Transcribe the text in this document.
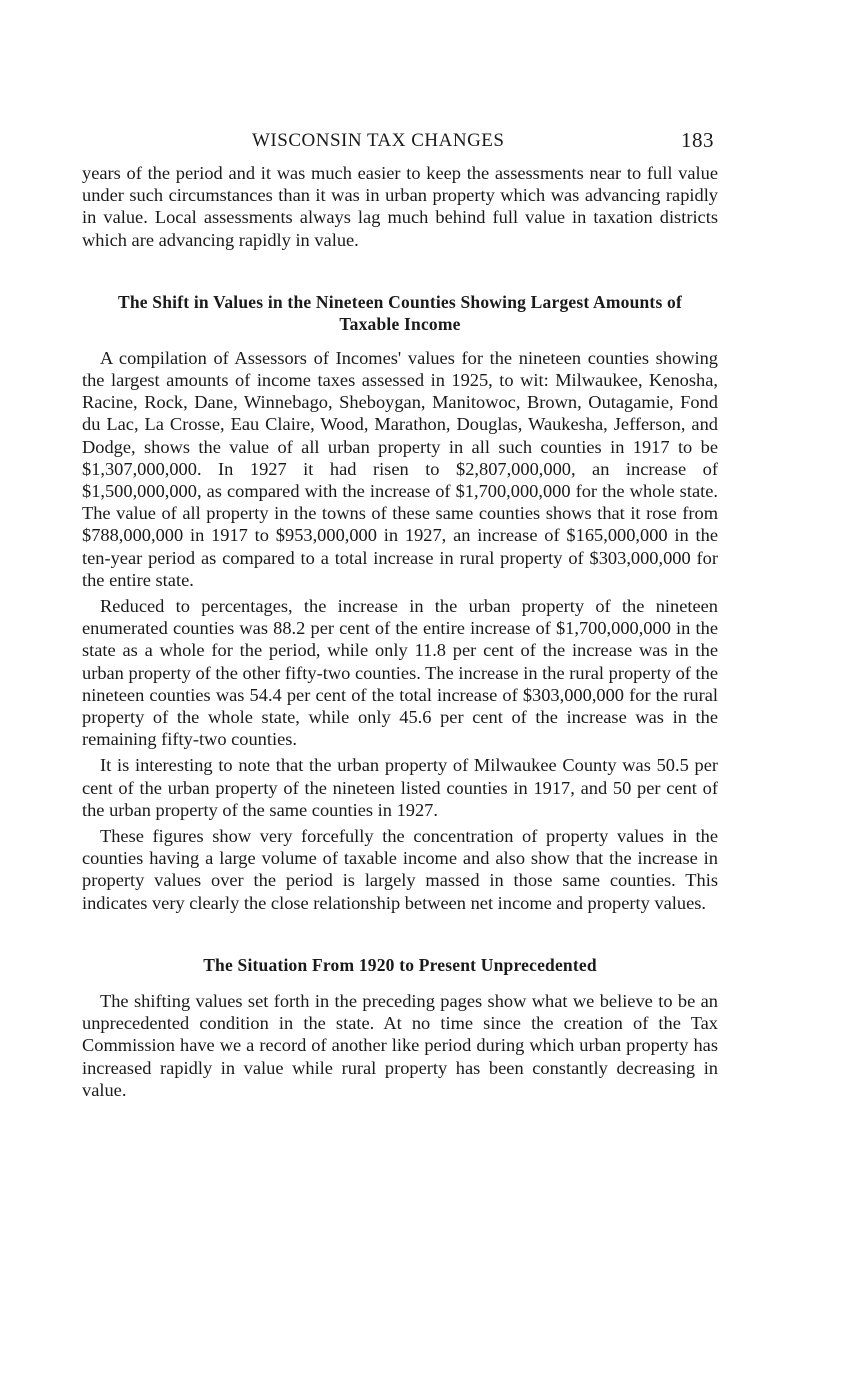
WISCONSIN TAX CHANGES	183

years of the period and it was much easier to keep the assessments near to full value under such circumstances than it was in urban property which was advancing rapidly in value. Local assessments always lag much behind full value in taxation districts which are advancing rapidly in value.

The Shift in Values in the Nineteen Counties Showing Largest Amounts of Taxable Income

A compilation of Assessors of Incomes' values for the nineteen counties showing the largest amounts of income taxes assessed in 1925, to wit: Milwaukee, Kenosha, Racine, Rock, Dane, Winnebago, Sheboygan, Manitowoc, Brown, Outagamie, Fond du Lac, La Crosse, Eau Claire, Wood, Marathon, Douglas, Waukesha, Jefferson, and Dodge, shows the value of all urban property in all such counties in 1917 to be $1,307,000,000. In 1927 it had risen to $2,807,000,000, an increase of $1,500,000,000, as compared with the increase of $1,700,000,000 for the whole state. The value of all property in the towns of these same counties shows that it rose from $788,000,000 in 1917 to $953,000,000 in 1927, an increase of $165,000,000 in the ten-year period as compared to a total increase in rural property of $303,000,000 for the entire state.

Reduced to percentages, the increase in the urban property of the nineteen enumerated counties was 88.2 per cent of the entire increase of $1,700,000,000 in the state as a whole for the period, while only 11.8 per cent of the increase was in the urban property of the other fifty-two counties. The increase in the rural property of the nineteen counties was 54.4 per cent of the total increase of $303,000,000 for the rural property of the whole state, while only 45.6 per cent of the increase was in the remaining fifty-two counties.

It is interesting to note that the urban property of Milwaukee County was 50.5 per cent of the urban property of the nineteen listed counties in 1917, and 50 per cent of the urban property of the same counties in 1927.

These figures show very forcefully the concentration of property values in the counties having a large volume of taxable income and also show that the increase in property values over the period is largely massed in those same counties. This indicates very clearly the close relationship between net income and property values.

The Situation From 1920 to Present Unprecedented

The shifting values set forth in the preceding pages show what we believe to be an unprecedented condition in the state. At no time since the creation of the Tax Commission have we a record of another like period during which urban property has increased rapidly in value while rural property has been constantly decreasing in value.
